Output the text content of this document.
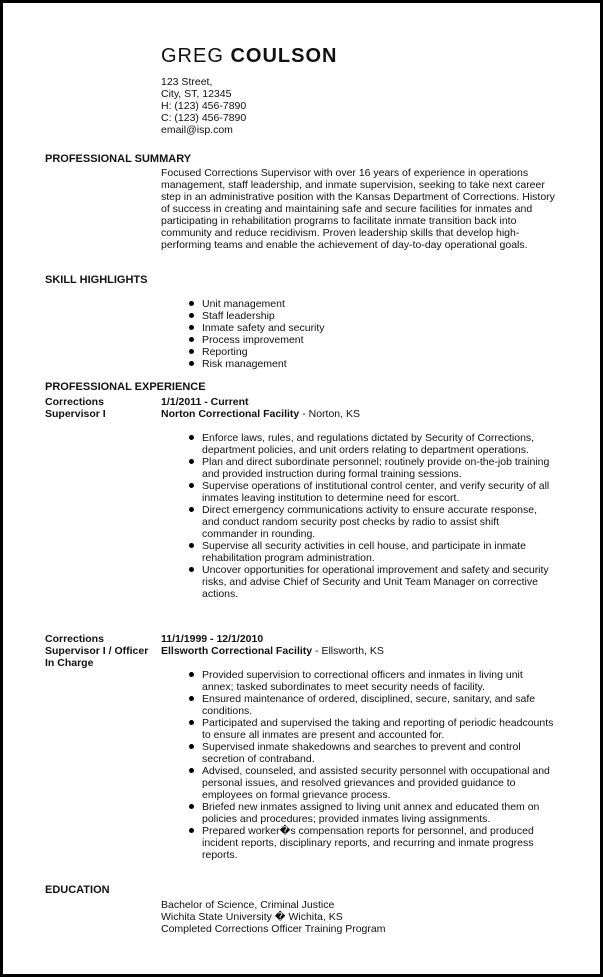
GREG COULSON
123 Street,
City, ST, 12345
H: (123) 456-7890
C: (123) 456-7890
email@isp.com
PROFESSIONAL SUMMARY
Focused Corrections Supervisor with over 16 years of experience in operations management, staff leadership, and inmate supervision, seeking to take next career step in an administrative position with the Kansas Department of Corrections. History of success in creating and maintaining safe and secure facilities for inmates and participating in rehabilitation programs to facilitate inmate transition back into community and reduce recidivism. Proven leadership skills that develop high-performing teams and enable the achievement of day-to-day operational goals.
SKILL HIGHLIGHTS
Unit management
Staff leadership
Inmate safety and security
Process improvement
Reporting
Risk management
PROFESSIONAL EXPERIENCE
Corrections
Supervisor I
1/1/2011 - Current
Norton Correctional Facility - Norton, KS
Enforce laws, rules, and regulations dictated by Security of Corrections, department policies, and unit orders relating to department operations.
Plan and direct subordinate personnel; routinely provide on-the-job training and provided instruction during formal training sessions.
Supervise operations of institutional control center, and verify security of all inmates leaving institution to determine need for escort.
Direct emergency communications activity to ensure accurate response, and conduct random security post checks by radio to assist shift commander in rounding.
Supervise all security activities in cell house, and participate in inmate rehabilitation program administration.
Uncover opportunities for operational improvement and safety and security risks, and advise Chief of Security and Unit Team Manager on corrective actions.
Corrections
Supervisor I / Officer
In Charge
11/1/1999 - 12/1/2010
Ellsworth Correctional Facility - Ellsworth, KS
Provided supervision to correctional officers and inmates in living unit annex; tasked subordinates to meet security needs of facility.
Ensured maintenance of ordered, disciplined, secure, sanitary, and safe conditions.
Participated and supervised the taking and reporting of periodic headcounts to ensure all inmates are present and accounted for.
Supervised inmate shakedowns and searches to prevent and control secretion of contraband.
Advised, counseled, and assisted security personnel with occupational and personal issues, and resolved grievances and provided guidance to employees on formal grievance process.
Briefed new inmates assigned to living unit annex and educated them on policies and procedures; provided inmates living assignments.
Prepared worker�s compensation reports for personnel, and produced incident reports, disciplinary reports, and recurring and inmate progress reports.
EDUCATION
Bachelor of Science, Criminal Justice
Wichita State University � Wichita, KS
Completed Corrections Officer Training Program
